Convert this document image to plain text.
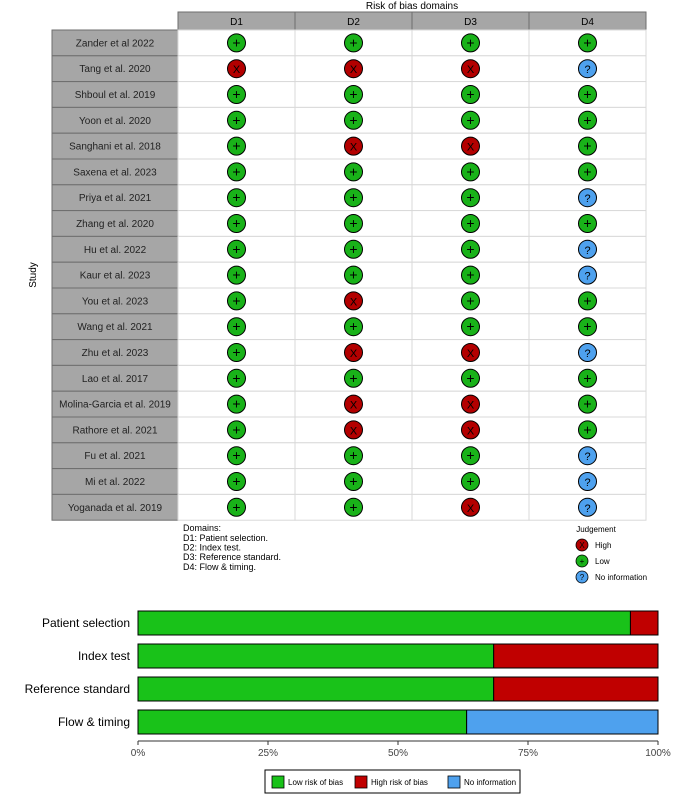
Risk of bias domains
Study
D1	D2	D3	D4
Zander et al 2022	+	+	+	+
Tang et al. 2020	X	X	X	?
Shboul et al. 2019	+	+	+	+
Yoon et al. 2020	+	+	+	+
Sanghani et al. 2018	+	X	X	+
Saxena et al. 2023	+	+	+	+
Priya et al. 2021	+	+	+	?
Zhang et al. 2020	+	+	+	+
Hu et al. 2022	+	+	+	?
Kaur et al. 2023	+	+	+	?
You et al. 2023	+	X	+	+
Wang et al. 2021	+	+	+	+
Zhu et al. 2023	+	X	X	?
Lao et al. 2017	+	+	+	+
Molina-Garcia et al. 2019	+	X	X	+
Rathore et al. 2021	+	X	X	+
Fu et al. 2021	+	+	+	?
Mi et al. 2022	+	+	+	?
Yoganada et al. 2019	+	+	X	?
Domains:
D1: Patient selection.
D2: Index test.
D3: Reference standard.
D4: Flow & timing.
Judgement
X High
+ Low
? No information
Patient selection
Index test
Reference standard
Flow & timing
0%	25%	50%	75%	100%
Low risk of bias	High risk of bias	No information
